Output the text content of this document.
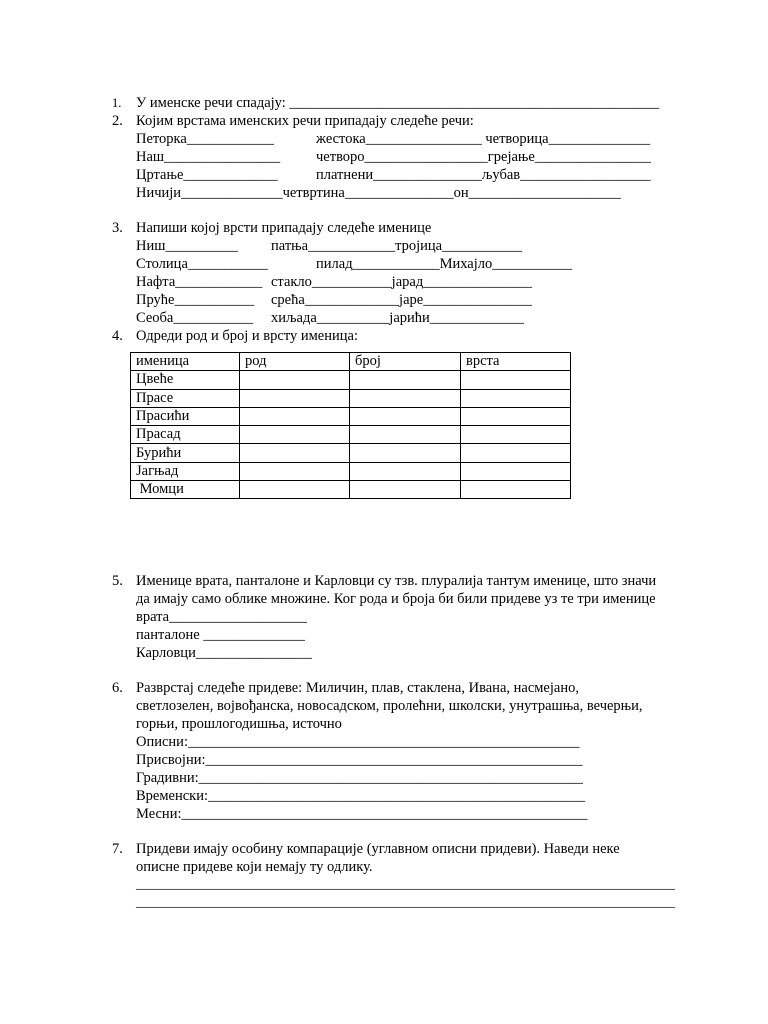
1. У именске речи спадају: ___________________________________________________
2. Којим врстама именских речи припадају следеће речи:
Петорка____________	жестока________________ четворица______________
Наш________________ четворо_________________грејање________________
Цртање_____________	платнени_______________љубав__________________
Ничији______________четвртина_______________он_____________________
3. Напиши којој врсти припадају следеће именице
Ниш__________ патња____________тројица___________
Столица___________	пилад____________Михајло___________
Нафта____________ стакло___________јарад_______________
Пруће___________ среħа_____________јаре_______________
Сеоба___________ хиљада__________јарићи_____________
4. Одреди род и број и врсту именица:
именица	род	број	врста
Цвеће			
Прасе			
Прасићи			
Прасад			
Бурићи			
Јагњад			
Момци			
5. Именице врата, панталоне и Карловци су тзв. плуралија тантум именице, што значи
да имају само облике множине. Ког рода и броја би били придеве уз те три именице
врата___________________
панталоне ______________
Карловци________________
6. Разврстај следеће придеве: Миличин, плав, стаклена, Ивана, насмејано,
светлозелен, војвођанска, новосадском, пролећни, школски, унутрашња, вечерњи,
горњи, прошлогодишња, источно
Описни:______________________________________________________
Присвојни:____________________________________________________
Градивни:_____________________________________________________
Временски:____________________________________________________
Месни:________________________________________________________
7. Придеви имају особину компарације (углавном описни придеви). Наведи неке
описне придеве који немају ту одлику.
_____________________________________________________________________________
_____________________________________________________________________________
